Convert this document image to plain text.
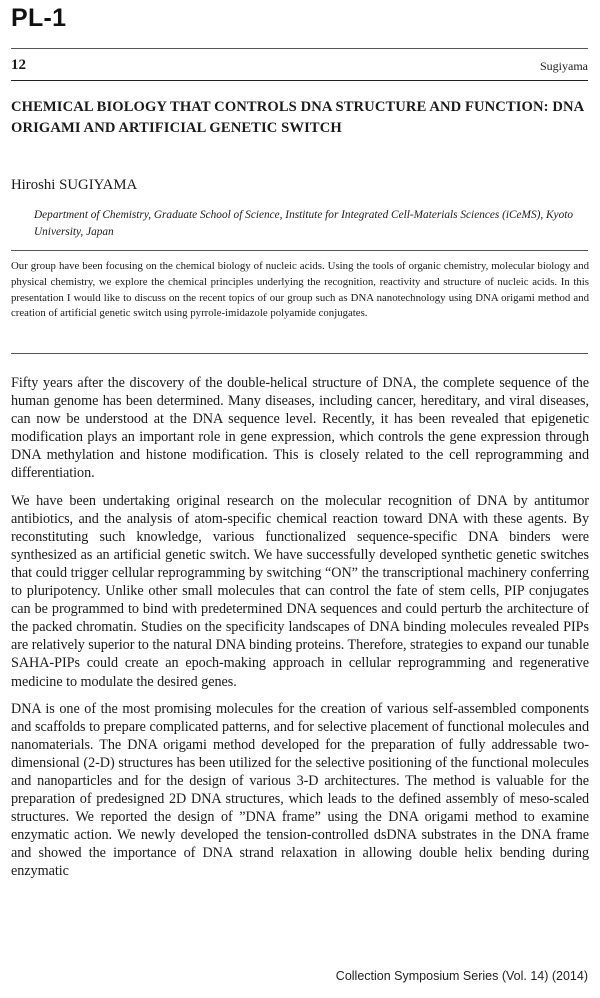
PL-1
12	Sugiyama
CHEMICAL BIOLOGY THAT CONTROLS DNA STRUCTURE AND FUNCTION: DNA ORIGAMI AND ARTIFICIAL GENETIC SWITCH
Hiroshi SUGIYAMA
Department of Chemistry, Graduate School of Science, Institute for Integrated Cell-Materials Sciences (iCeMS), Kyoto University, Japan

Our group have been focusing on the chemical biology of nucleic acids. Using the tools of organic chemistry, molecular biology and physical chemistry, we explore the chemical principles underlying the recognition, reactivity and structure of nucleic acids. In this presentation I would like to discuss on the recent topics of our group such as DNA nanotechnology using DNA origami method and creation of artificial genetic switch using pyrrole-imidazole polyamide conjugates.

Fifty years after the discovery of the double-helical structure of DNA, the complete sequence of the human genome has been determined. Many diseases, including cancer, hereditary, and viral diseases, can now be understood at the DNA sequence level. Recently, it has been revealed that epigenetic modification plays an important role in gene expression, which controls the gene expression through DNA methylation and histone modification. This is closely related to the cell reprogramming and differentiation.

We have been undertaking original research on the molecular recognition of DNA by antitumor antibiotics, and the analysis of atom-specific chemical reaction toward DNA with these agents. By reconstituting such knowledge, various functionalized sequence-specific DNA binders were synthesized as an artificial genetic switch. We have successfully developed synthetic genetic switches that could trigger cellular reprogramming by switching “ON” the transcriptional machinery conferring to pluripotency. Unlike other small molecules that can control the fate of stem cells, PIP conjugates can be programmed to bind with predetermined DNA sequences and could perturb the architecture of the packed chromatin. Studies on the specificity landscapes of DNA binding molecules revealed PIPs are relatively superior to the natural DNA binding proteins. Therefore, strategies to expand our tunable SAHA-PIPs could create an epoch-making approach in cellular reprogramming and regenerative medicine to modulate the desired genes.

DNA is one of the most promising molecules for the creation of various self-assembled components and scaffolds to prepare complicated patterns, and for selective placement of functional molecules and nanomaterials. The DNA origami method developed for the preparation of fully addressable two-dimensional (2-D) structures has been utilized for the selective positioning of the functional molecules and nanoparticles and for the design of various 3-D architectures. The method is valuable for the preparation of predesigned 2D DNA structures, which leads to the defined assembly of meso-scaled structures. We reported the design of ”DNA frame” using the DNA origami method to examine enzymatic action. We newly developed the tension-controlled dsDNA substrates in the DNA frame and showed the importance of DNA strand relaxation in allowing double helix bending during enzymatic

Collection Symposium Series (Vol. 14) (2014)
